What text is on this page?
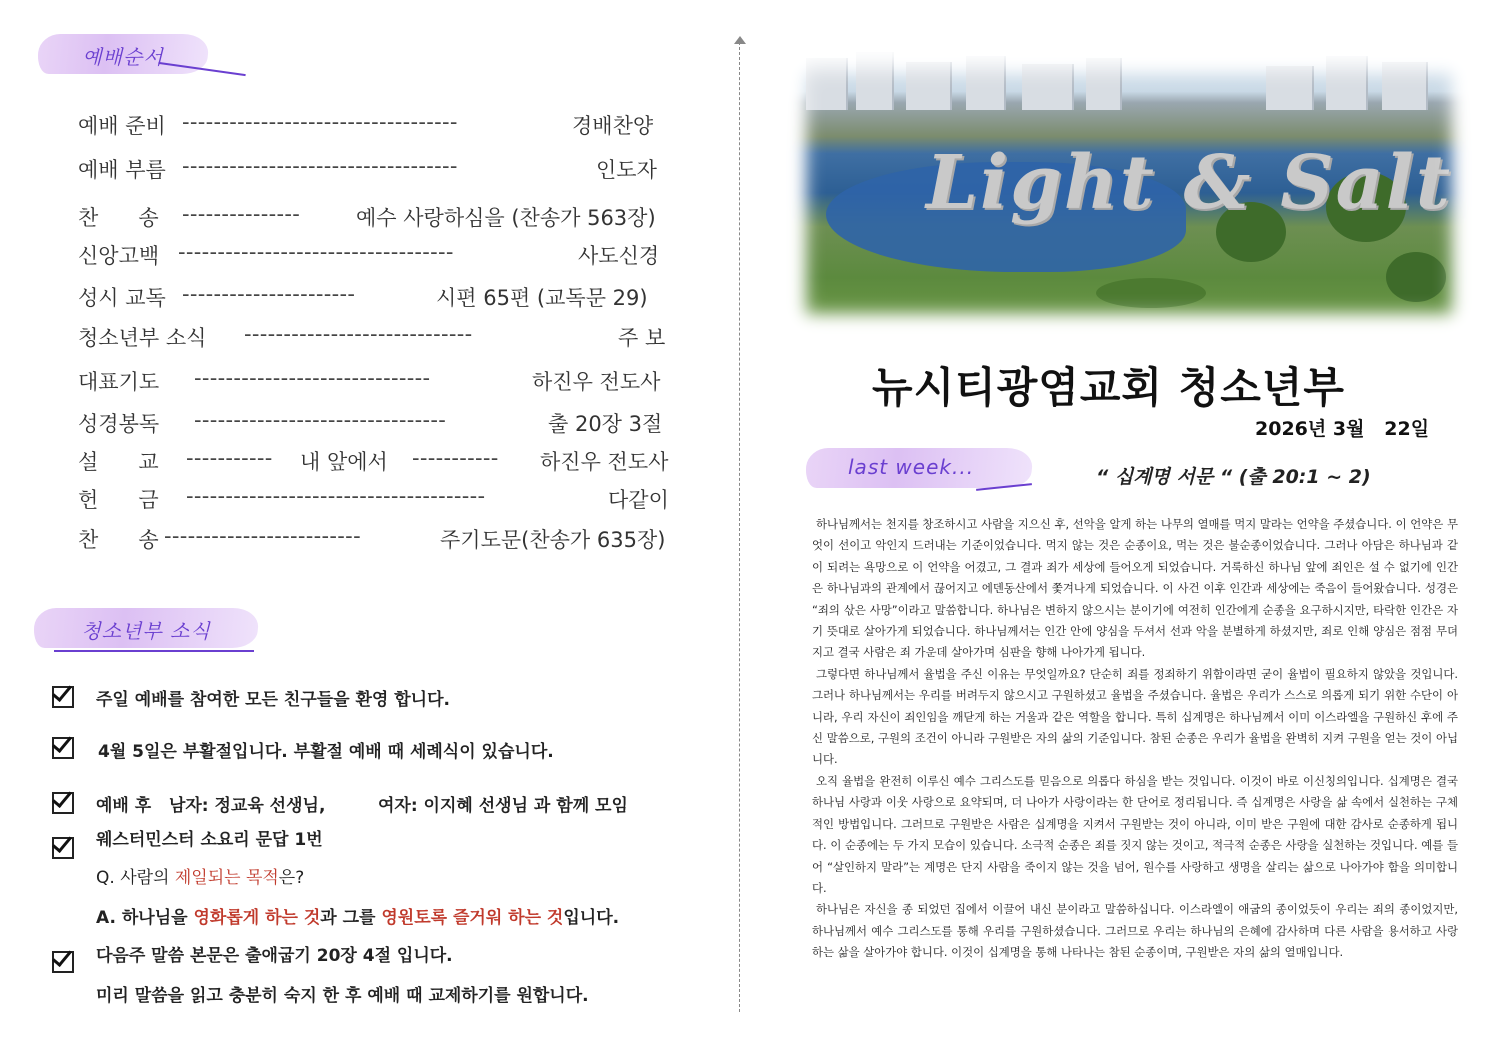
예배순서
예배 준비 -----------------------------------	경배찬양
예배 부름 -----------------------------------	인도자
찬      송 ---------------	예수 사랑하심을 (찬송가 563장)
신앙고백 -----------------------------------	사도신경
성시 교독 ----------------------	시편 65편 (교독문 29)
청소년부 소식 -----------------------------	주 보
대표기도 ------------------------------	하진우 전도사
성경봉독 --------------------------------	출 20장 3절
설      교 ----------- 내 앞에서 ----------- 하진우 전도사
헌      금 --------------------------------------	다같이
찬      송 -------------------------	주기도문(찬송가 635장)
청소년부 소식
주일 예배를 참여한 모든 친구들을 환영 합니다.
4월 5일은 부활절입니다. 부활절 예배 때 세례식이 있습니다.
예배 후   남자: 정교육 선생님,	여자: 이지혜 선생님 과 함께 모임
웨스터민스터 소요리 문답 1번
Q. 사람의 제일되는 목적은?
A. 하나님을 영화롭게 하는 것과 그를 영원토록 즐거워 하는 것입니다.
다음주 말씀 본문은 출애굽기 20장 4절 입니다.
미리 말씀을 읽고 충분히 숙지 한 후 예배 때 교제하기를 원합니다.
Light & Salt
뉴시티광염교회 청소년부
2026년 3월   22일
last week...	“ 십계명 서문 “ (출 20:1 ~ 2)

하나님께서는 천지를 창조하시고 사람을 지으신 후, 선악을 알게 하는 나무의 열매를 먹지 말라는 언약을 주셨습니다. 이 언약은 무엇이 선이고 악인지 드러내는 기준이었습니다. 먹지 않는 것은 순종이요, 먹는 것은 불순종이었습니다. 그러나 아담은 하나님과 같이 되려는 욕망으로 이 언약을 어겼고, 그 결과 죄가 세상에 들어오게 되었습니다. 거룩하신 하나님 앞에 죄인은 설 수 없기에 인간은 하나님과의 관계에서 끊어지고 에덴동산에서 쫓겨나게 되었습니다. 이 사건 이후 인간과 세상에는 죽음이 들어왔습니다. 성경은 “죄의 삯은 사망”이라고 말씀합니다. 하나님은 변하지 않으시는 분이기에 여전히 인간에게 순종을 요구하시지만, 타락한 인간은 자기 뜻대로 살아가게 되었습니다. 하나님께서는 인간 안에 양심을 두셔서 선과 악을 분별하게 하셨지만, 죄로 인해 양심은 점점 무뎌지고 결국 사람은 죄 가운데 살아가며 심판을 향해 나아가게 됩니다.

그렇다면 하나님께서 율법을 주신 이유는 무엇일까요? 단순히 죄를 정죄하기 위함이라면 굳이 율법이 필요하지 않았을 것입니다. 그러나 하나님께서는 우리를 버려두지 않으시고 구원하셨고 율법을 주셨습니다. 율법은 우리가 스스로 의롭게 되기 위한 수단이 아니라, 우리 자신이 죄인임을 깨닫게 하는 거울과 같은 역할을 합니다. 특히 십계명은 하나님께서 이미 이스라엘을 구원하신 후에 주신 말씀으로, 구원의 조건이 아니라 구원받은 자의 삶의 기준입니다. 참된 순종은 우리가 율법을 완벽히 지켜 구원을 얻는 것이 아닙니다.

오직 율법을 완전히 이루신 예수 그리스도를 믿음으로 의롭다 하심을 받는 것입니다. 이것이 바로 이신칭의입니다. 십계명은 결국 하나님 사랑과 이웃 사랑으로 요약되며, 더 나아가 사랑이라는 한 단어로 정리됩니다. 즉 십계명은 사랑을 삶 속에서 실천하는 구체적인 방법입니다. 그러므로 구원받은 사람은 십계명을 지켜서 구원받는 것이 아니라, 이미 받은 구원에 대한 감사로 순종하게 됩니다. 이 순종에는 두 가지 모습이 있습니다. 소극적 순종은 죄를 짓지 않는 것이고, 적극적 순종은 사랑을 실천하는 것입니다. 예를 들어 “살인하지 말라”는 계명은 단지 사람을 죽이지 않는 것을 넘어, 원수를 사랑하고 생명을 살리는 삶으로 나아가야 함을 의미합니다.

하나님은 자신을 종 되었던 집에서 이끌어 내신 분이라고 말씀하십니다. 이스라엘이 애굽의 종이었듯이 우리는 죄의 종이었지만, 하나님께서 예수 그리스도를 통해 우리를 구원하셨습니다. 그러므로 우리는 하나님의 은혜에 감사하며 다른 사람을 용서하고 사랑하는 삶을 살아가야 합니다. 이것이 십계명을 통해 나타나는 참된 순종이며, 구원받은 자의 삶의 열매입니다.
